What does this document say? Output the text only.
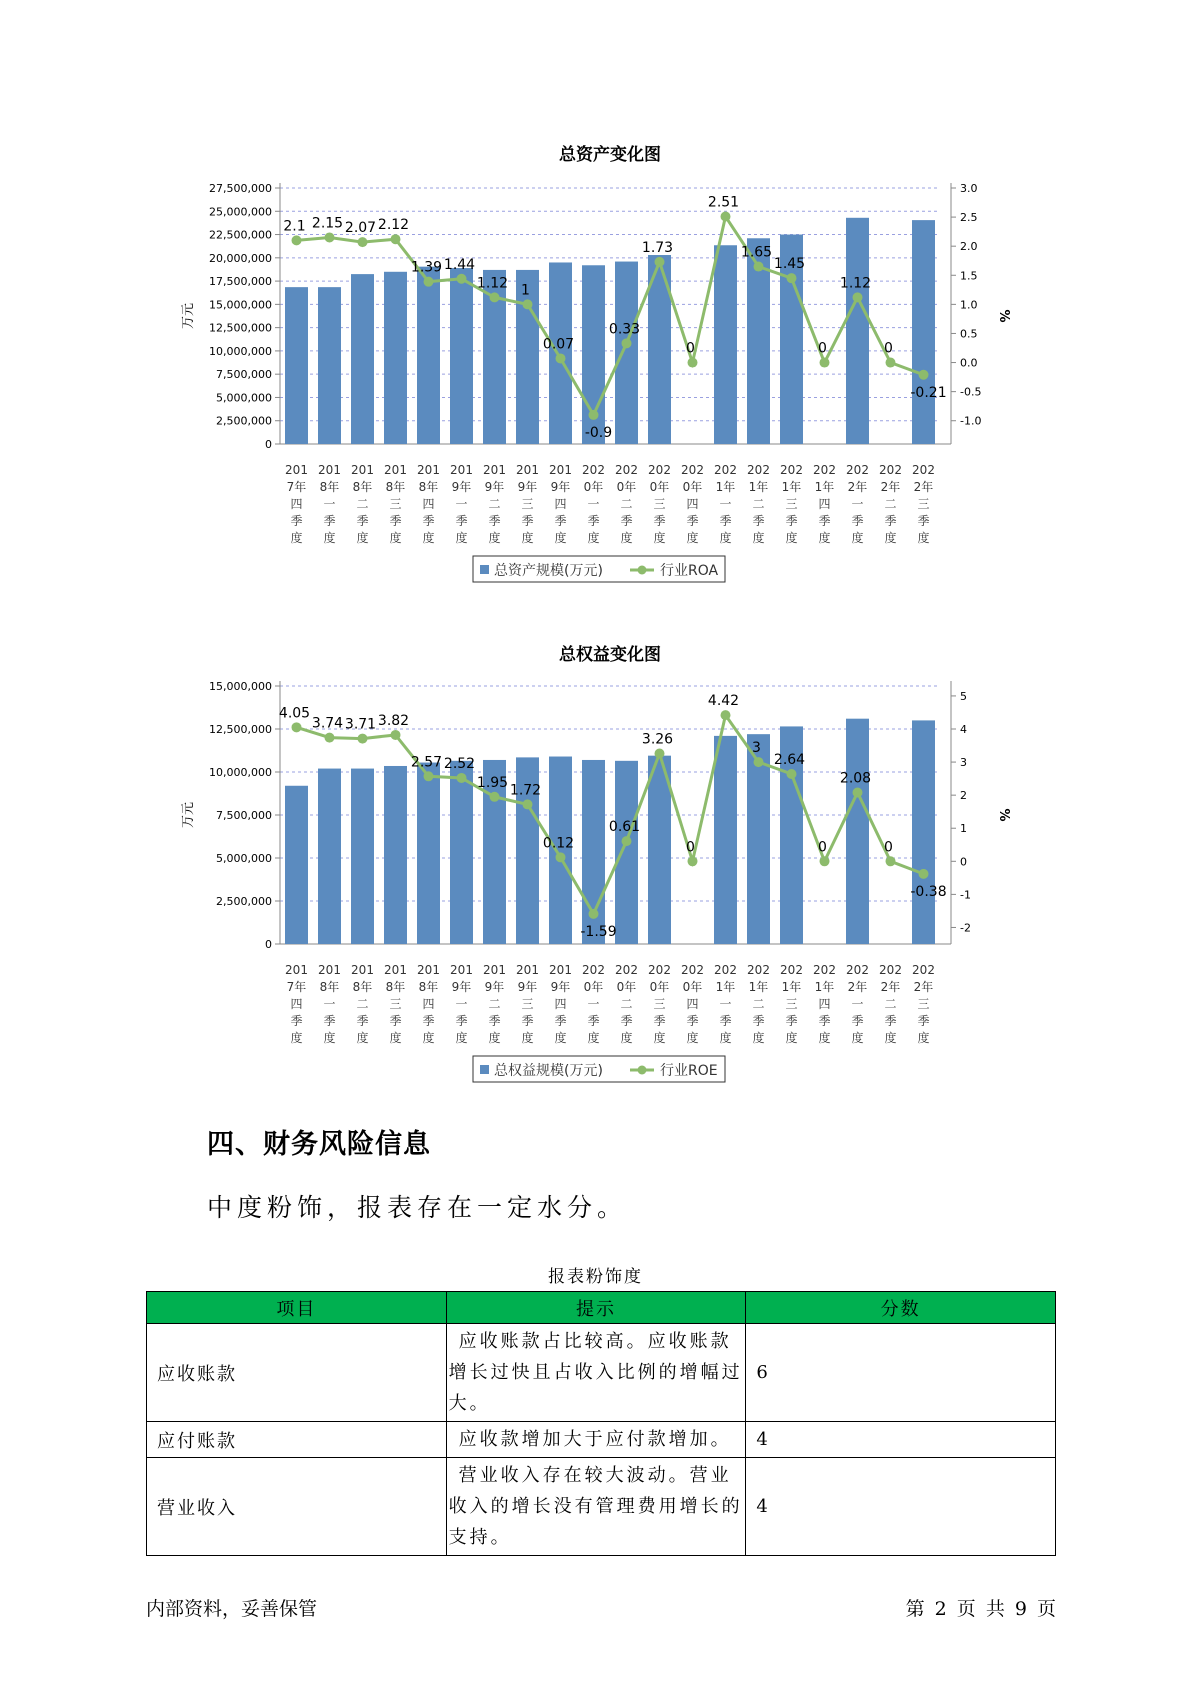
总资产变化图
0
2,500,000
5,000,000
7,500,000
10,000,000
12,500,000
15,000,000
17,500,000
20,000,000
22,500,000
25,000,000
27,500,000
-1.0
-0.5
0.0
0.5
1.0
1.5
2.0
2.5
3.0
万元	%
2.1 2.15 2.07 2.12
1.39 1.44
1.12 1
0.07
-0.9
0.33
1.73
0
2.51
1.65
1.45
0
1.12
0
-0.21
201 7年四季度
201 8年一季度
201 8年二季度
201 8年三季度
201 8年四季度
201 9年一季度
201 9年二季度
201 9年三季度
201 9年四季度
202 0年一季度
202 0年二季度
202 0年三季度
202 0年四季度
202 1年一季度
202 1年二季度
202 1年三季度
202 1年四季度
202 2年一季度
202 2年二季度
202 2年三季度
总资产规模(万元)	行业ROA
总权益变化图
0
2,500,000
5,000,000
7,500,000
10,000,000
12,500,000
15,000,000
-2
-1
0
1
2
3
4
5
万元	%
4.05
3.74 3.71 3.82
2.57 2.52
1.95 1.72
0.12
-1.59
0.61
3.26
0
4.42
3
2.64
0
2.08
0
-0.38
201 7年四季度
201 8年一季度
201 8年二季度
201 8年三季度
201 8年四季度
201 9年一季度
201 9年二季度
201 9年三季度
201 9年四季度
202 0年一季度
202 0年二季度
202 0年三季度
202 0年四季度
202 1年一季度
202 1年二季度
202 1年三季度
202 1年四季度
202 2年一季度
202 2年二季度
202 2年三季度
总权益规模(万元)	行业ROE
四、财务风险信息
中度粉饰，报表存在一定水分。
报表粉饰度
项目	提示	分数
应收账款	应收账款占比较高。应收账款增长过快且占收入比例的增幅过大。	6
应付账款	应收款增加大于应付款增加。	4
营业收入	营业收入存在较大波动。营业收入的增长没有管理费用增长的支持。	4
内部资料，妥善保管	第 2 页 共 9 页
